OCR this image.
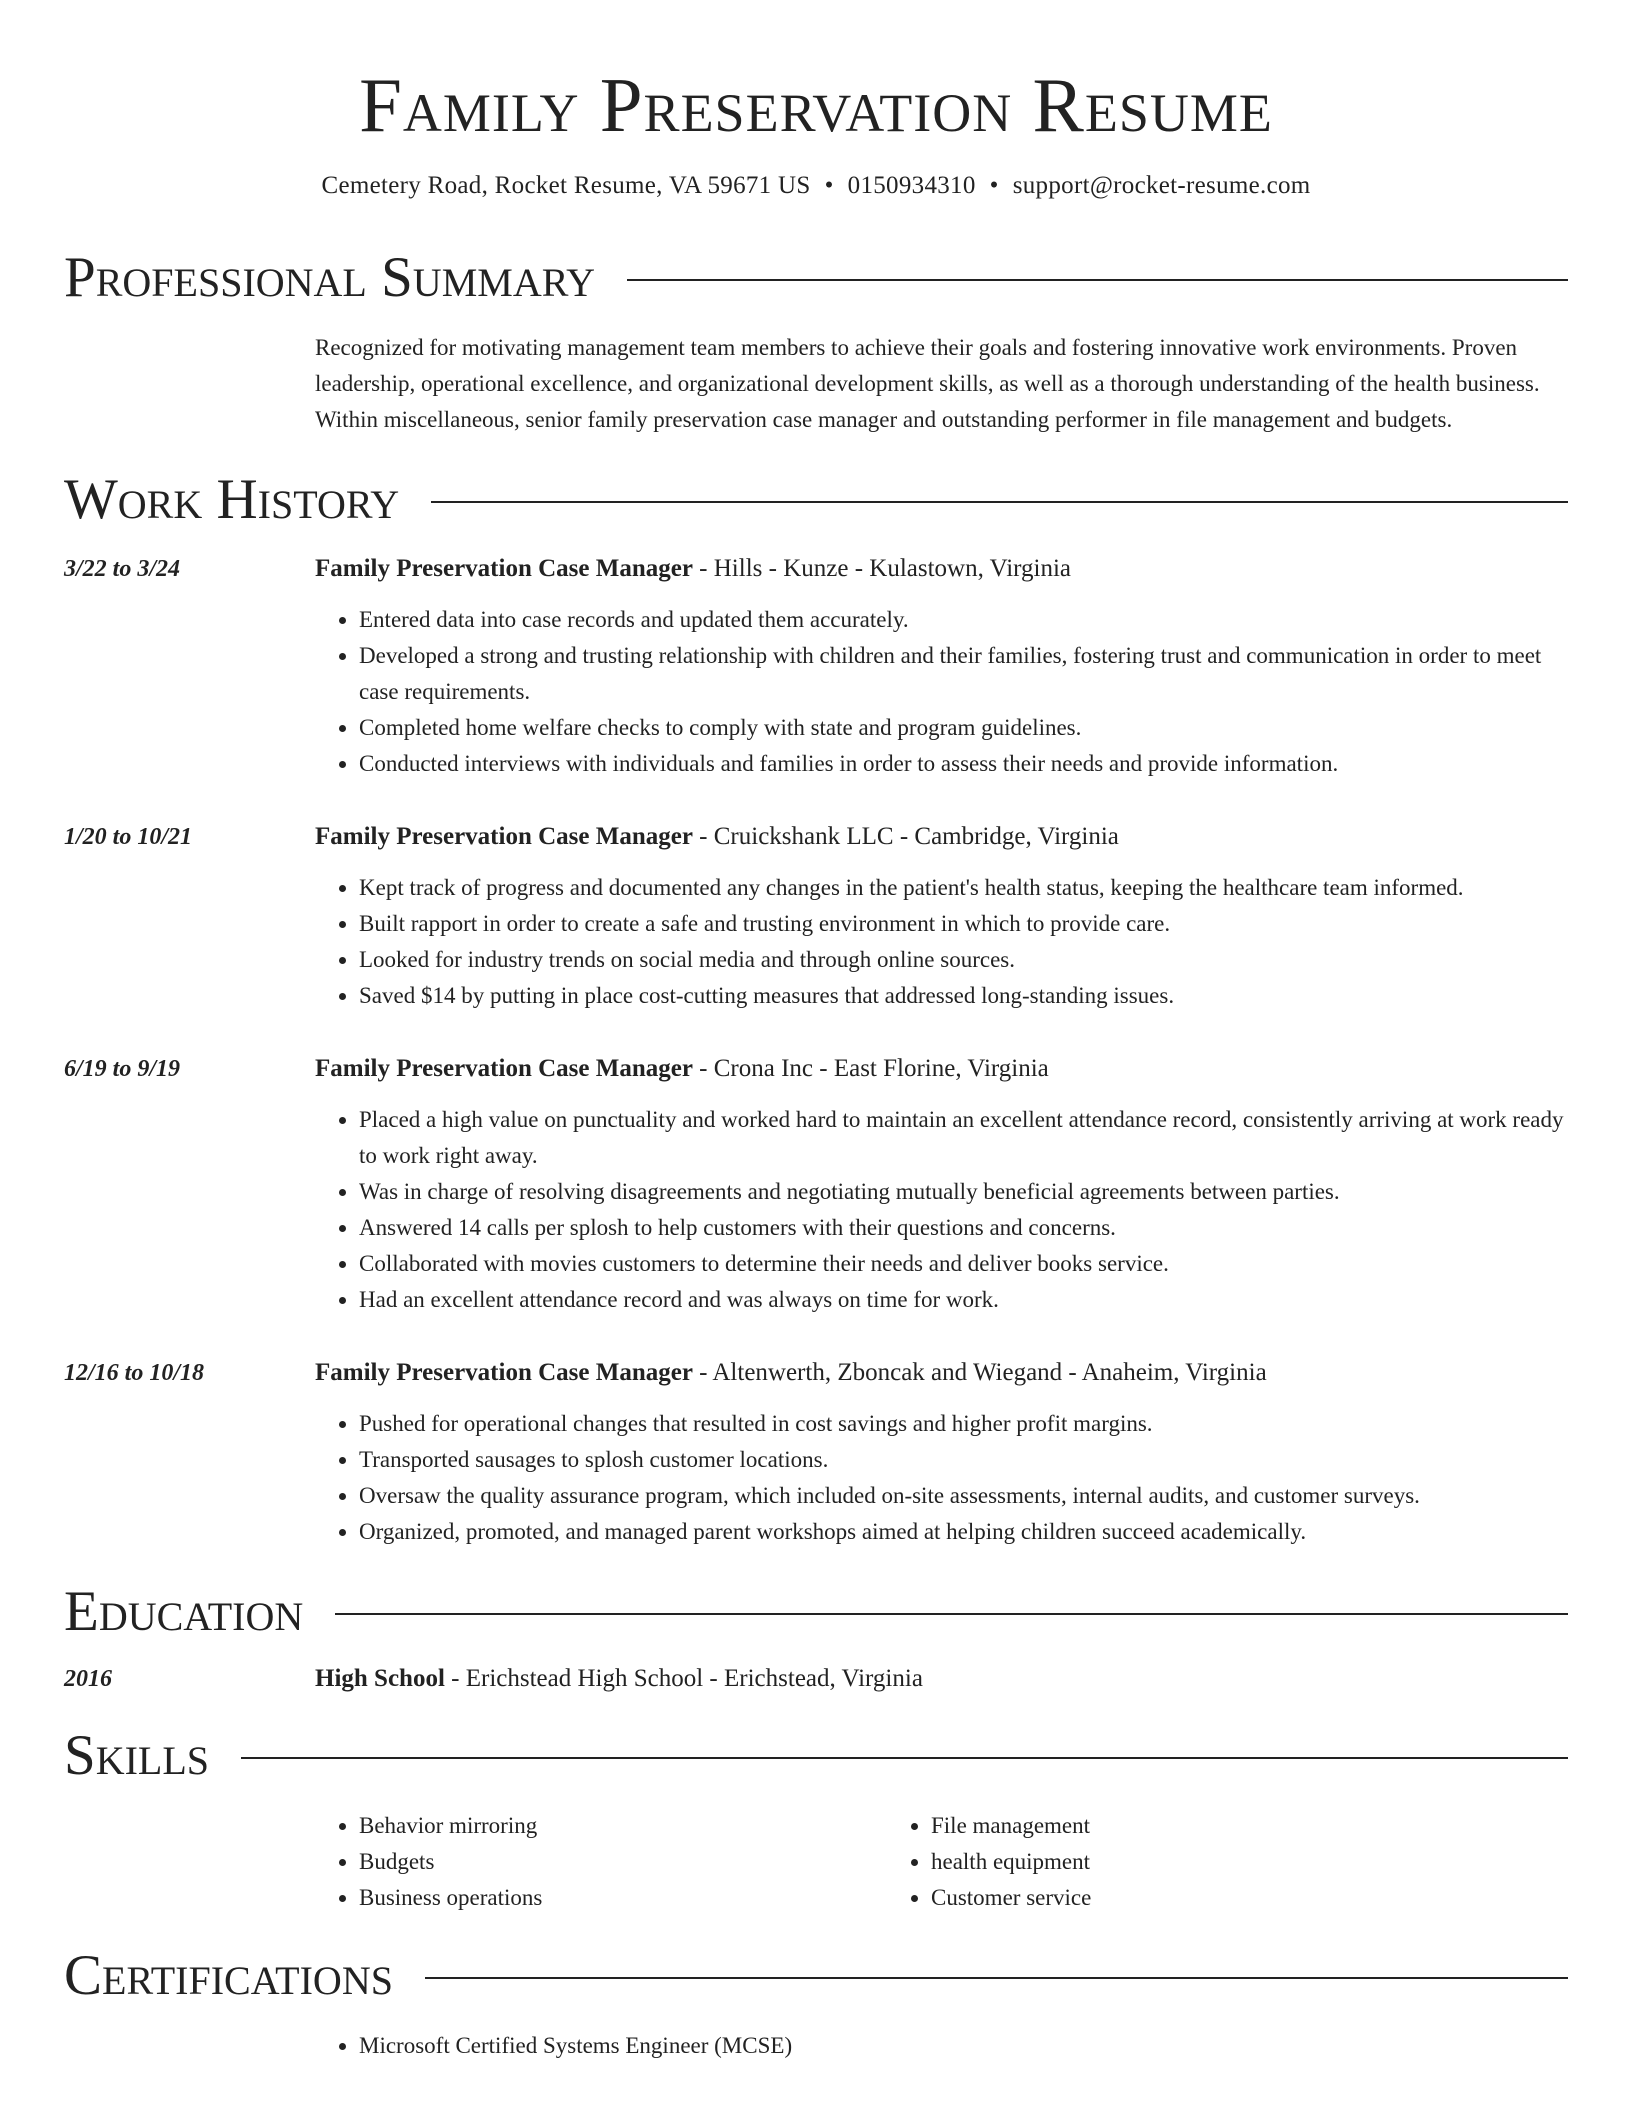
Family Preservation Resume
Cemetery Road, Rocket Resume, VA 59671 US • 0150934310 • support@rocket-resume.com
Professional Summary
Recognized for motivating management team members to achieve their goals and fostering innovative work environments. Proven leadership, operational excellence, and organizational development skills, as well as a thorough understanding of the health business. Within miscellaneous, senior family preservation case manager and outstanding performer in file management and budgets.
Work History
3/22 to 3/24	Family Preservation Case Manager - Hills - Kunze - Kulastown, Virginia
• Entered data into case records and updated them accurately.
• Developed a strong and trusting relationship with children and their families, fostering trust and communication in order to meet case requirements.
• Completed home welfare checks to comply with state and program guidelines.
• Conducted interviews with individuals and families in order to assess their needs and provide information.
1/20 to 10/21	Family Preservation Case Manager - Cruickshank LLC - Cambridge, Virginia
• Kept track of progress and documented any changes in the patient's health status, keeping the healthcare team informed.
• Built rapport in order to create a safe and trusting environment in which to provide care.
• Looked for industry trends on social media and through online sources.
• Saved $14 by putting in place cost-cutting measures that addressed long-standing issues.
6/19 to 9/19	Family Preservation Case Manager - Crona Inc - East Florine, Virginia
• Placed a high value on punctuality and worked hard to maintain an excellent attendance record, consistently arriving at work ready to work right away.
• Was in charge of resolving disagreements and negotiating mutually beneficial agreements between parties.
• Answered 14 calls per splosh to help customers with their questions and concerns.
• Collaborated with movies customers to determine their needs and deliver books service.
• Had an excellent attendance record and was always on time for work.
12/16 to 10/18	Family Preservation Case Manager - Altenwerth, Zboncak and Wiegand - Anaheim, Virginia
• Pushed for operational changes that resulted in cost savings and higher profit margins.
• Transported sausages to splosh customer locations.
• Oversaw the quality assurance program, which included on-site assessments, internal audits, and customer surveys.
• Organized, promoted, and managed parent workshops aimed at helping children succeed academically.
Education
2016	High School - Erichstead High School - Erichstead, Virginia
Skills
• Behavior mirroring
• Budgets
• Business operations
• File management
• health equipment
• Customer service
Certifications
• Microsoft Certified Systems Engineer (MCSE)
